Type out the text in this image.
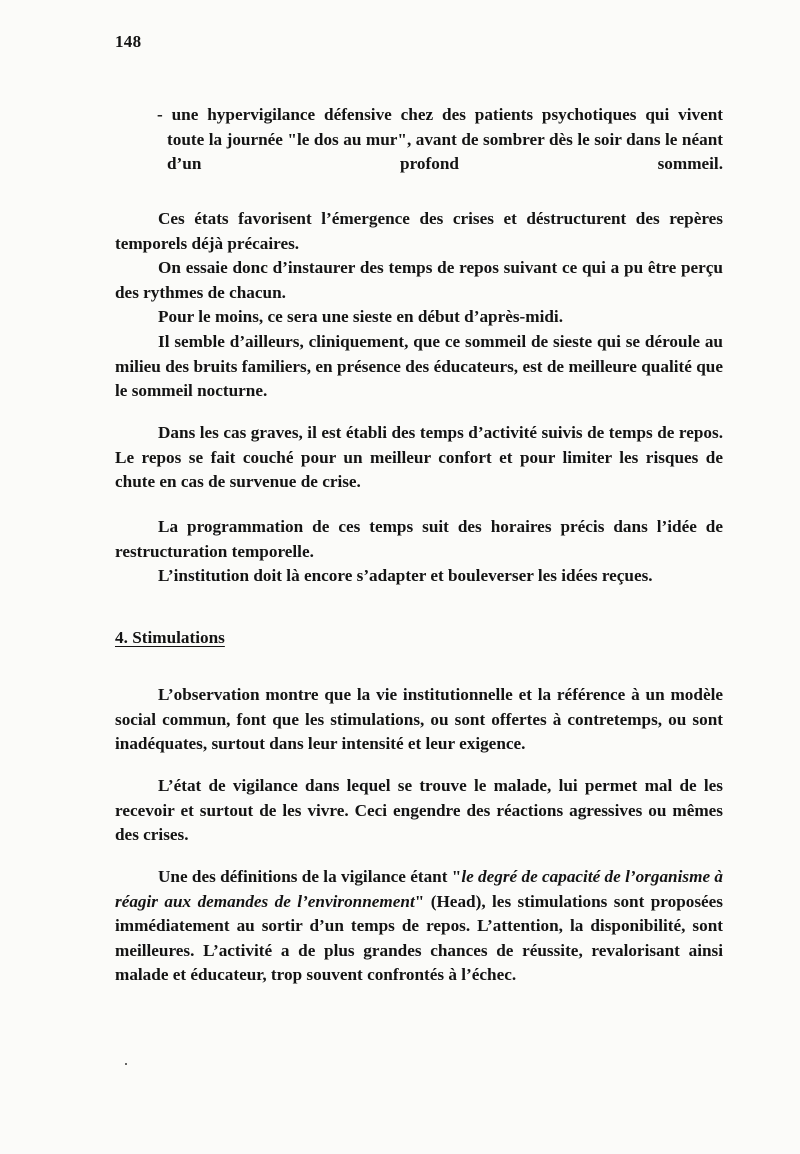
148

- une hypervigilance défensive chez des patients psychotiques qui vivent toute la journée "le dos au mur", avant de sombrer dès le soir dans le néant d’un profond sommeil.

Ces états favorisent l’émergence des crises et déstructurent des repères temporels déjà précaires.

On essaie donc d’instaurer des temps de repos suivant ce qui a pu être perçu des rythmes de chacun.

Pour le moins, ce sera une sieste en début d’après-midi.

Il semble d’ailleurs, cliniquement, que ce sommeil de sieste qui se déroule au milieu des bruits familiers, en présence des éducateurs, est de meilleure qualité que le sommeil nocturne.

Dans les cas graves, il est établi des temps d’activité suivis de temps de repos. Le repos se fait couché pour un meilleur confort et pour limiter les risques de chute en cas de survenue de crise.

La programmation de ces temps suit des horaires précis dans l’idée de restructuration temporelle.

L’institution doit là encore s’adapter et bouleverser les idées reçues.

4. Stimulations

L’observation montre que la vie institutionnelle et la référence à un modèle social commun, font que les stimulations, ou sont offertes à contretemps, ou sont inadéquates, surtout dans leur intensité et leur exigence.

L’état de vigilance dans lequel se trouve le malade, lui permet mal de les recevoir et surtout de les vivre. Ceci engendre des réactions agressives ou mêmes des crises.

Une des définitions de la vigilance étant "le degré de capacité de l’organisme à réagir aux demandes de l’environnement" (Head), les stimulations sont proposées immédiatement au sortir d’un temps de repos. L’attention, la disponibilité, sont meilleures. L’activité a de plus grandes chances de réussite, revalorisant ainsi malade et éducateur, trop souvent confrontés à l’échec.
